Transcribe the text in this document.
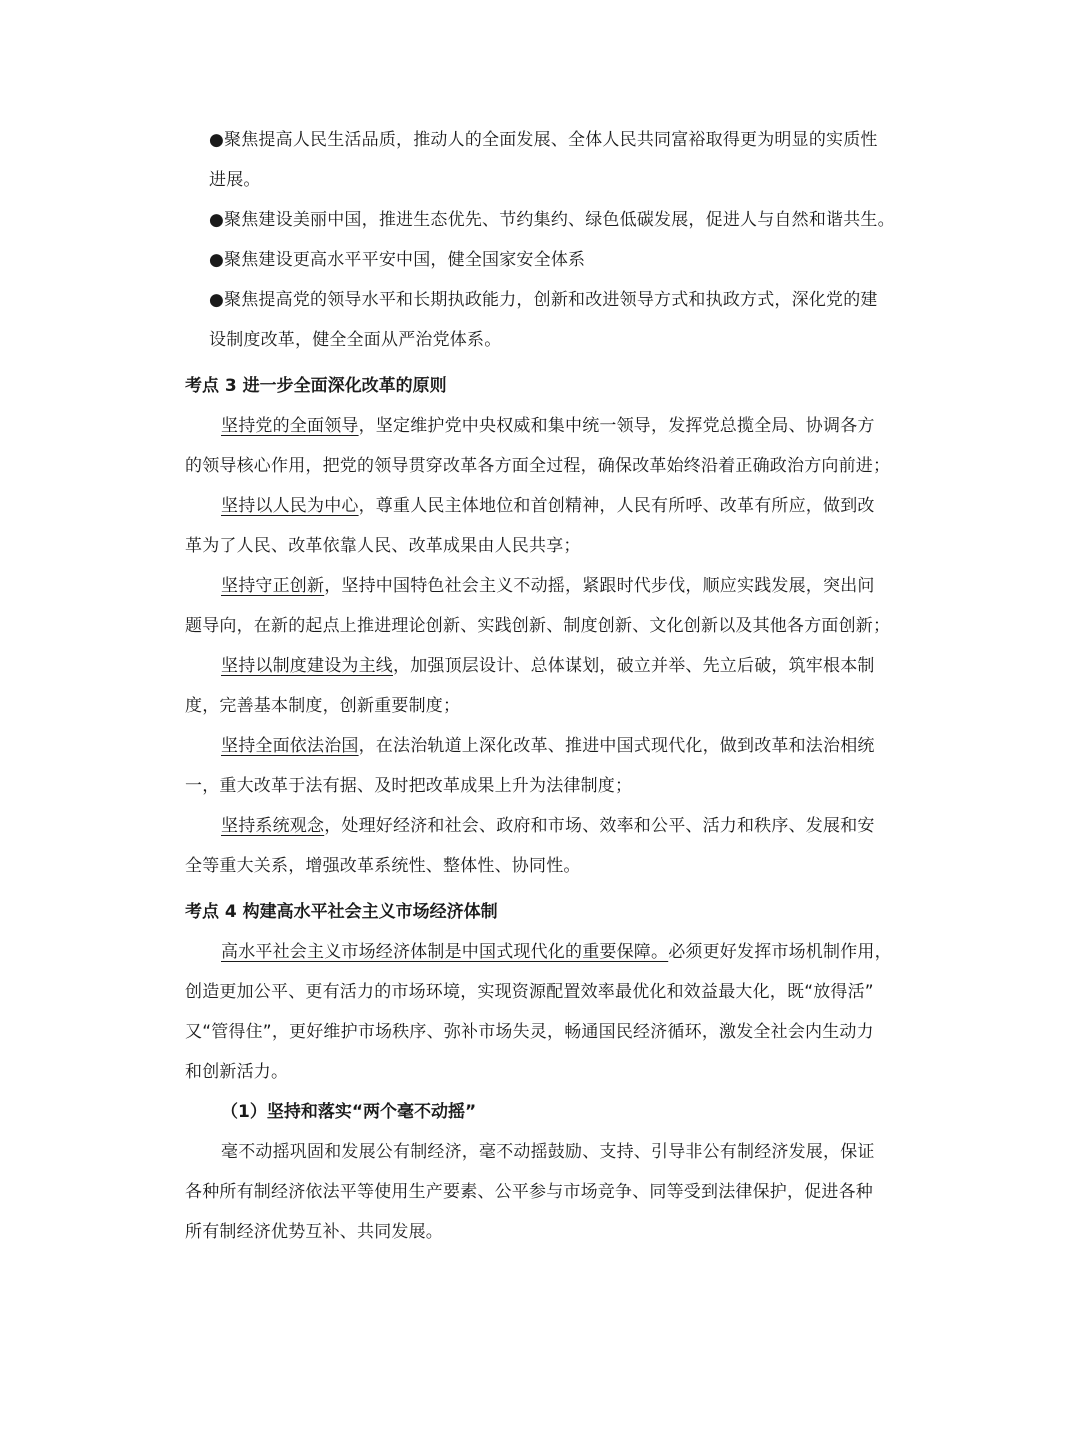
●聚焦提高人民生活品质，推动人的全面发展、全体人民共同富裕取得更为明显的实质性
进展。
●聚焦建设美丽中国，推进生态优先、节约集约、绿色低碳发展，促进人与自然和谐共生。
●聚焦建设更高水平平安中国，健全国家安全体系
●聚焦提高党的领导水平和长期执政能力，创新和改进领导方式和执政方式，深化党的建
设制度改革，健全全面从严治党体系。
考点 3 进一步全面深化改革的原则
坚持党的全面领导，坚定维护党中央权威和集中统一领导，发挥党总揽全局、协调各方
的领导核心作用，把党的领导贯穿改革各方面全过程，确保改革始终沿着正确政治方向前进；
坚持以人民为中心，尊重人民主体地位和首创精神，人民有所呼、改革有所应，做到改
革为了人民、改革依靠人民、改革成果由人民共享；
坚持守正创新，坚持中国特色社会主义不动摇，紧跟时代步伐，顺应实践发展，突出问
题导向，在新的起点上推进理论创新、实践创新、制度创新、文化创新以及其他各方面创新；
坚持以制度建设为主线，加强顶层设计、总体谋划，破立并举、先立后破，筑牢根本制
度，完善基本制度，创新重要制度；
坚持全面依法治国，在法治轨道上深化改革、推进中国式现代化，做到改革和法治相统
一，重大改革于法有据、及时把改革成果上升为法律制度；
坚持系统观念，处理好经济和社会、政府和市场、效率和公平、活力和秩序、发展和安
全等重大关系，增强改革系统性、整体性、协同性。
考点 4 构建高水平社会主义市场经济体制
高水平社会主义市场经济体制是中国式现代化的重要保障。必须更好发挥市场机制作用，
创造更加公平、更有活力的市场环境，实现资源配置效率最优化和效益最大化，既“放得活”
又“管得住”，更好维护市场秩序、弥补市场失灵，畅通国民经济循环，激发全社会内生动力
和创新活力。
（1）坚持和落实“两个毫不动摇”
毫不动摇巩固和发展公有制经济，毫不动摇鼓励、支持、引导非公有制经济发展，保证
各种所有制经济依法平等使用生产要素、公平参与市场竞争、同等受到法律保护，促进各种
所有制经济优势互补、共同发展。
